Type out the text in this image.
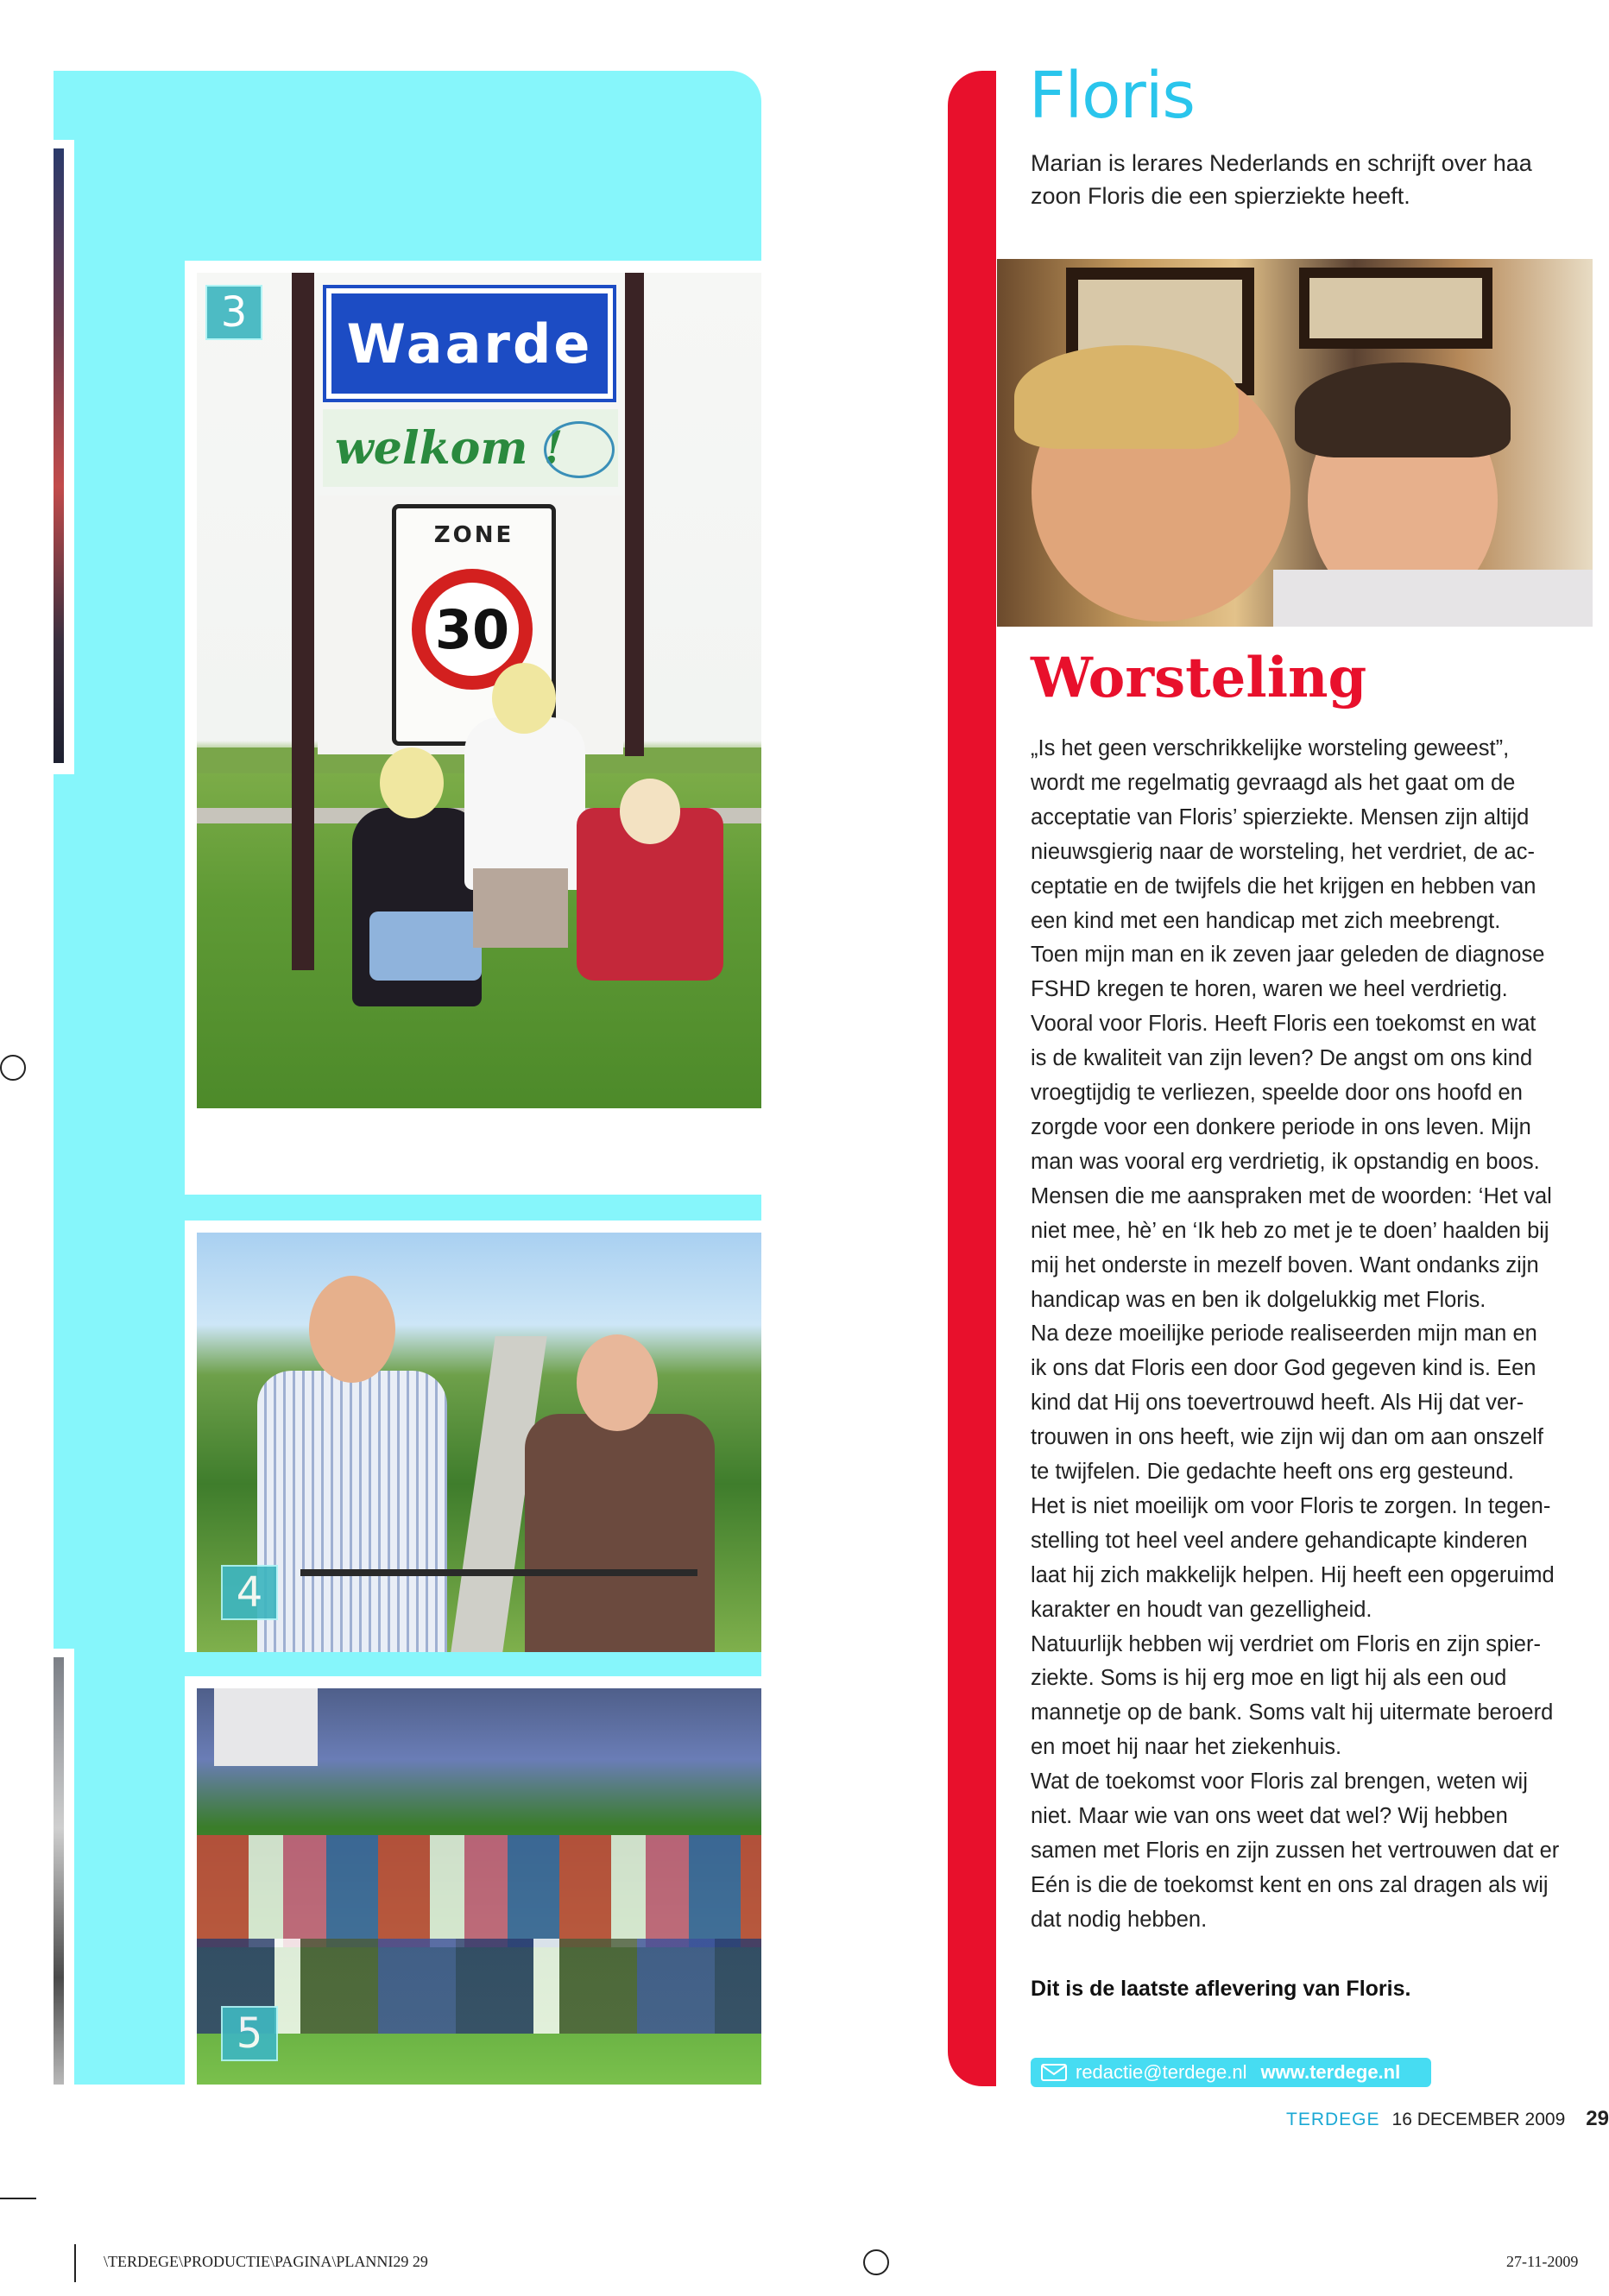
Waarde
welkom !
ZONE
30
4
5
3
Floris
Marian is lerares Nederlands en schrijft over haa
zoon Floris die een spierziekte heeft.
Worsteling
„Is het geen verschrikkelijke worsteling geweest”,
wordt me regelmatig gevraagd als het gaat om de
acceptatie van Floris’ spierziekte. Mensen zijn altijd
nieuwsgierig naar de worsteling, het verdriet, de ac-
ceptatie en de twijfels die het krijgen en hebben van
een kind met een handicap met zich meebrengt.
Toen mijn man en ik zeven jaar geleden de diagnose
FSHD kregen te horen, waren we heel verdrietig.
Vooral voor Floris. Heeft Floris een toekomst en wat
is de kwaliteit van zijn leven? De angst om ons kind
vroegtijdig te verliezen, speelde door ons hoofd en
zorgde voor een donkere periode in ons leven. Mijn
man was vooral erg verdrietig, ik opstandig en boos.
Mensen die me aanspraken met de woorden: ‘Het val
niet mee, hè’ en ‘Ik heb zo met je te doen’ haalden bij
mij het onderste in mezelf boven. Want ondanks zijn
handicap was en ben ik dolgelukkig met Floris.
Na deze moeilijke periode realiseerden mijn man en
ik ons dat Floris een door God gegeven kind is. Een
kind dat Hij ons toevertrouwd heeft. Als Hij dat ver-
trouwen in ons heeft, wie zijn wij dan om aan onszelf
te twijfelen. Die gedachte heeft ons erg gesteund.
Het is niet moeilijk om voor Floris te zorgen. In tegen-
stelling tot heel veel andere gehandicapte kinderen
laat hij zich makkelijk helpen. Hij heeft een opgeruimd
karakter en houdt van gezelligheid.
Natuurlijk hebben wij verdriet om Floris en zijn spier-
ziekte. Soms is hij erg moe en ligt hij als een oud
mannetje op de bank. Soms valt hij uitermate beroerd
en moet hij naar het ziekenhuis.
Wat de toekomst voor Floris zal brengen, weten wij
niet. Maar wie van ons weet dat wel? Wij hebben
samen met Floris en zijn zussen het vertrouwen dat er
Eén is die de toekomst kent en ons zal dragen als wij
dat nodig hebben.
Dit is de laatste aflevering van Floris.
redactie@terdege.nl www.terdege.nl
TERDEGE 16 DECEMBER 2009 29
\TERDEGE\PRODUCTIE\PAGINA\PLANNI29 29	27-11-2009
